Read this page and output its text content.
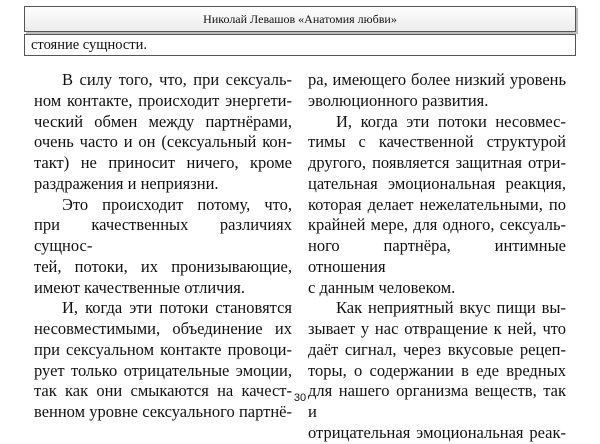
Николай Левашов «Анатомия любви»
стояние сущности.

В силу того, что, при сексуаль-

ном контакте, происходит энергети-

ческий обмен между партнёрами,

очень часто и он (сексуальный кон-

такт) не приносит ничего, кроме

раздражения и неприязни.

Это происходит потому, что,

при качественных различиях сущнос-

тей, потоки, их пронизывающие,

имеют качественные отличия.

И, когда эти потоки становятся

несовместимыми, объединение их

при сексуальном контакте провоци-

рует только отрицательные эмоции,

так как они смыкаются на качест-

венном уровне сексуального партнё-

ра, имеющего более низкий уровень

эволюционного развития.

И, когда эти потоки несовмес-

тимы с качественной структурой

другого, появляется защитная отри-

цательная эмоциональная реакция,

которая делает нежелательными, по

крайней мере, для одного, сексуаль-

ного партнёра, интимные отношения

с данным человеком.

Как неприятный вкус пищи вы-

зывает у нас отвращение к ней, что

даёт сигнал, через вкусовые рецеп-

торы, о содержании в еде вредных

для нашего организма веществ, так и

отрицательная эмоциональная реак-

30
